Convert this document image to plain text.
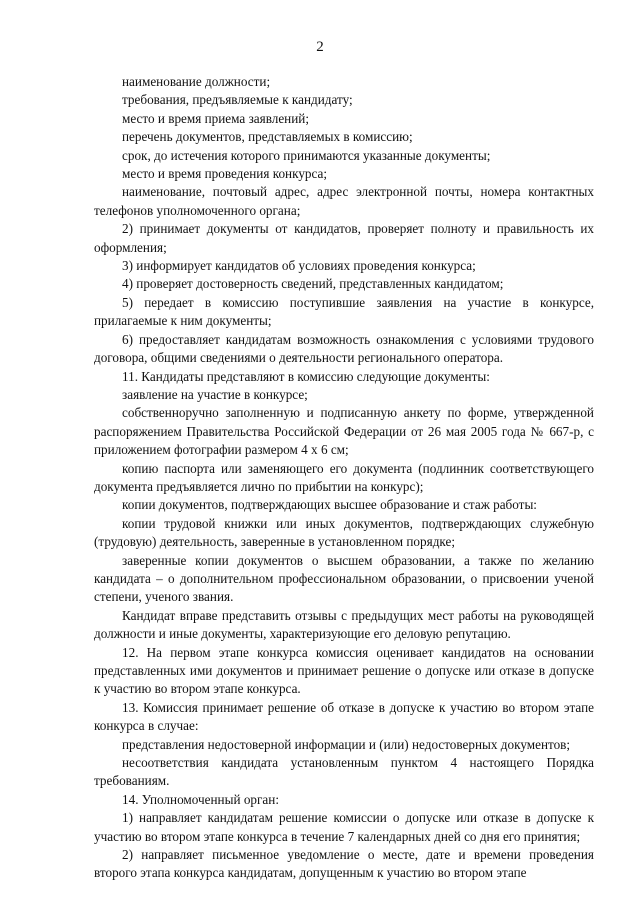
2

наименование должности;

требования, предъявляемые к кандидату;

место и время приема заявлений;

перечень документов, представляемых в комиссию;

срок, до истечения которого принимаются указанные документы;

место и время проведения конкурса;

наименование, почтовый адрес, адрес электронной почты, номера контактных телефонов уполномоченного органа;

2) принимает документы от кандидатов, проверяет полноту и правильность их оформления;

3) информирует кандидатов об условиях проведения конкурса;

4) проверяет достоверность сведений, представленных кандидатом;

5) передает в комиссию поступившие заявления на участие в конкурсе, прилагаемые к ним документы;

6) предоставляет кандидатам возможность ознакомления с условиями трудового договора, общими сведениями о деятельности регионального оператора.

11. Кандидаты представляют в комиссию следующие документы:

заявление на участие в конкурсе;

собственноручно заполненную и подписанную анкету по форме, утвержденной распоряжением Правительства Российской Федерации от 26 мая 2005 года № 667-р, с приложением фотографии размером 4 х 6 см;

копию паспорта или заменяющего его документа (подлинник соответствующего документа предъявляется лично по прибытии на конкурс);

копии документов, подтверждающих высшее образование и стаж работы:

копии трудовой книжки или иных документов, подтверждающих служебную (трудовую) деятельность, заверенные в установленном порядке;

заверенные копии документов о высшем образовании, а также по желанию кандидата – о дополнительном профессиональном образовании, о присвоении ученой степени, ученого звания.

Кандидат вправе представить отзывы с предыдущих мест работы на руководящей должности и иные документы, характеризующие его деловую репутацию.

12. На первом этапе конкурса комиссия оценивает кандидатов на основании представленных ими документов и принимает решение о допуске или отказе в допуске к участию во втором этапе конкурса.

13. Комиссия принимает решение об отказе в допуске к участию во втором этапе конкурса в случае:

представления недостоверной информации и (или) недостоверных документов;

несоответствия кандидата установленным пунктом 4 настоящего Порядка требованиям.

14. Уполномоченный орган:

1) направляет кандидатам решение комиссии о допуске или отказе в допуске к участию во втором этапе конкурса в течение 7 календарных дней со дня его принятия;

2) направляет письменное уведомление о месте, дате и времени проведения второго этапа конкурса кандидатам, допущенным к участию во втором этапе
